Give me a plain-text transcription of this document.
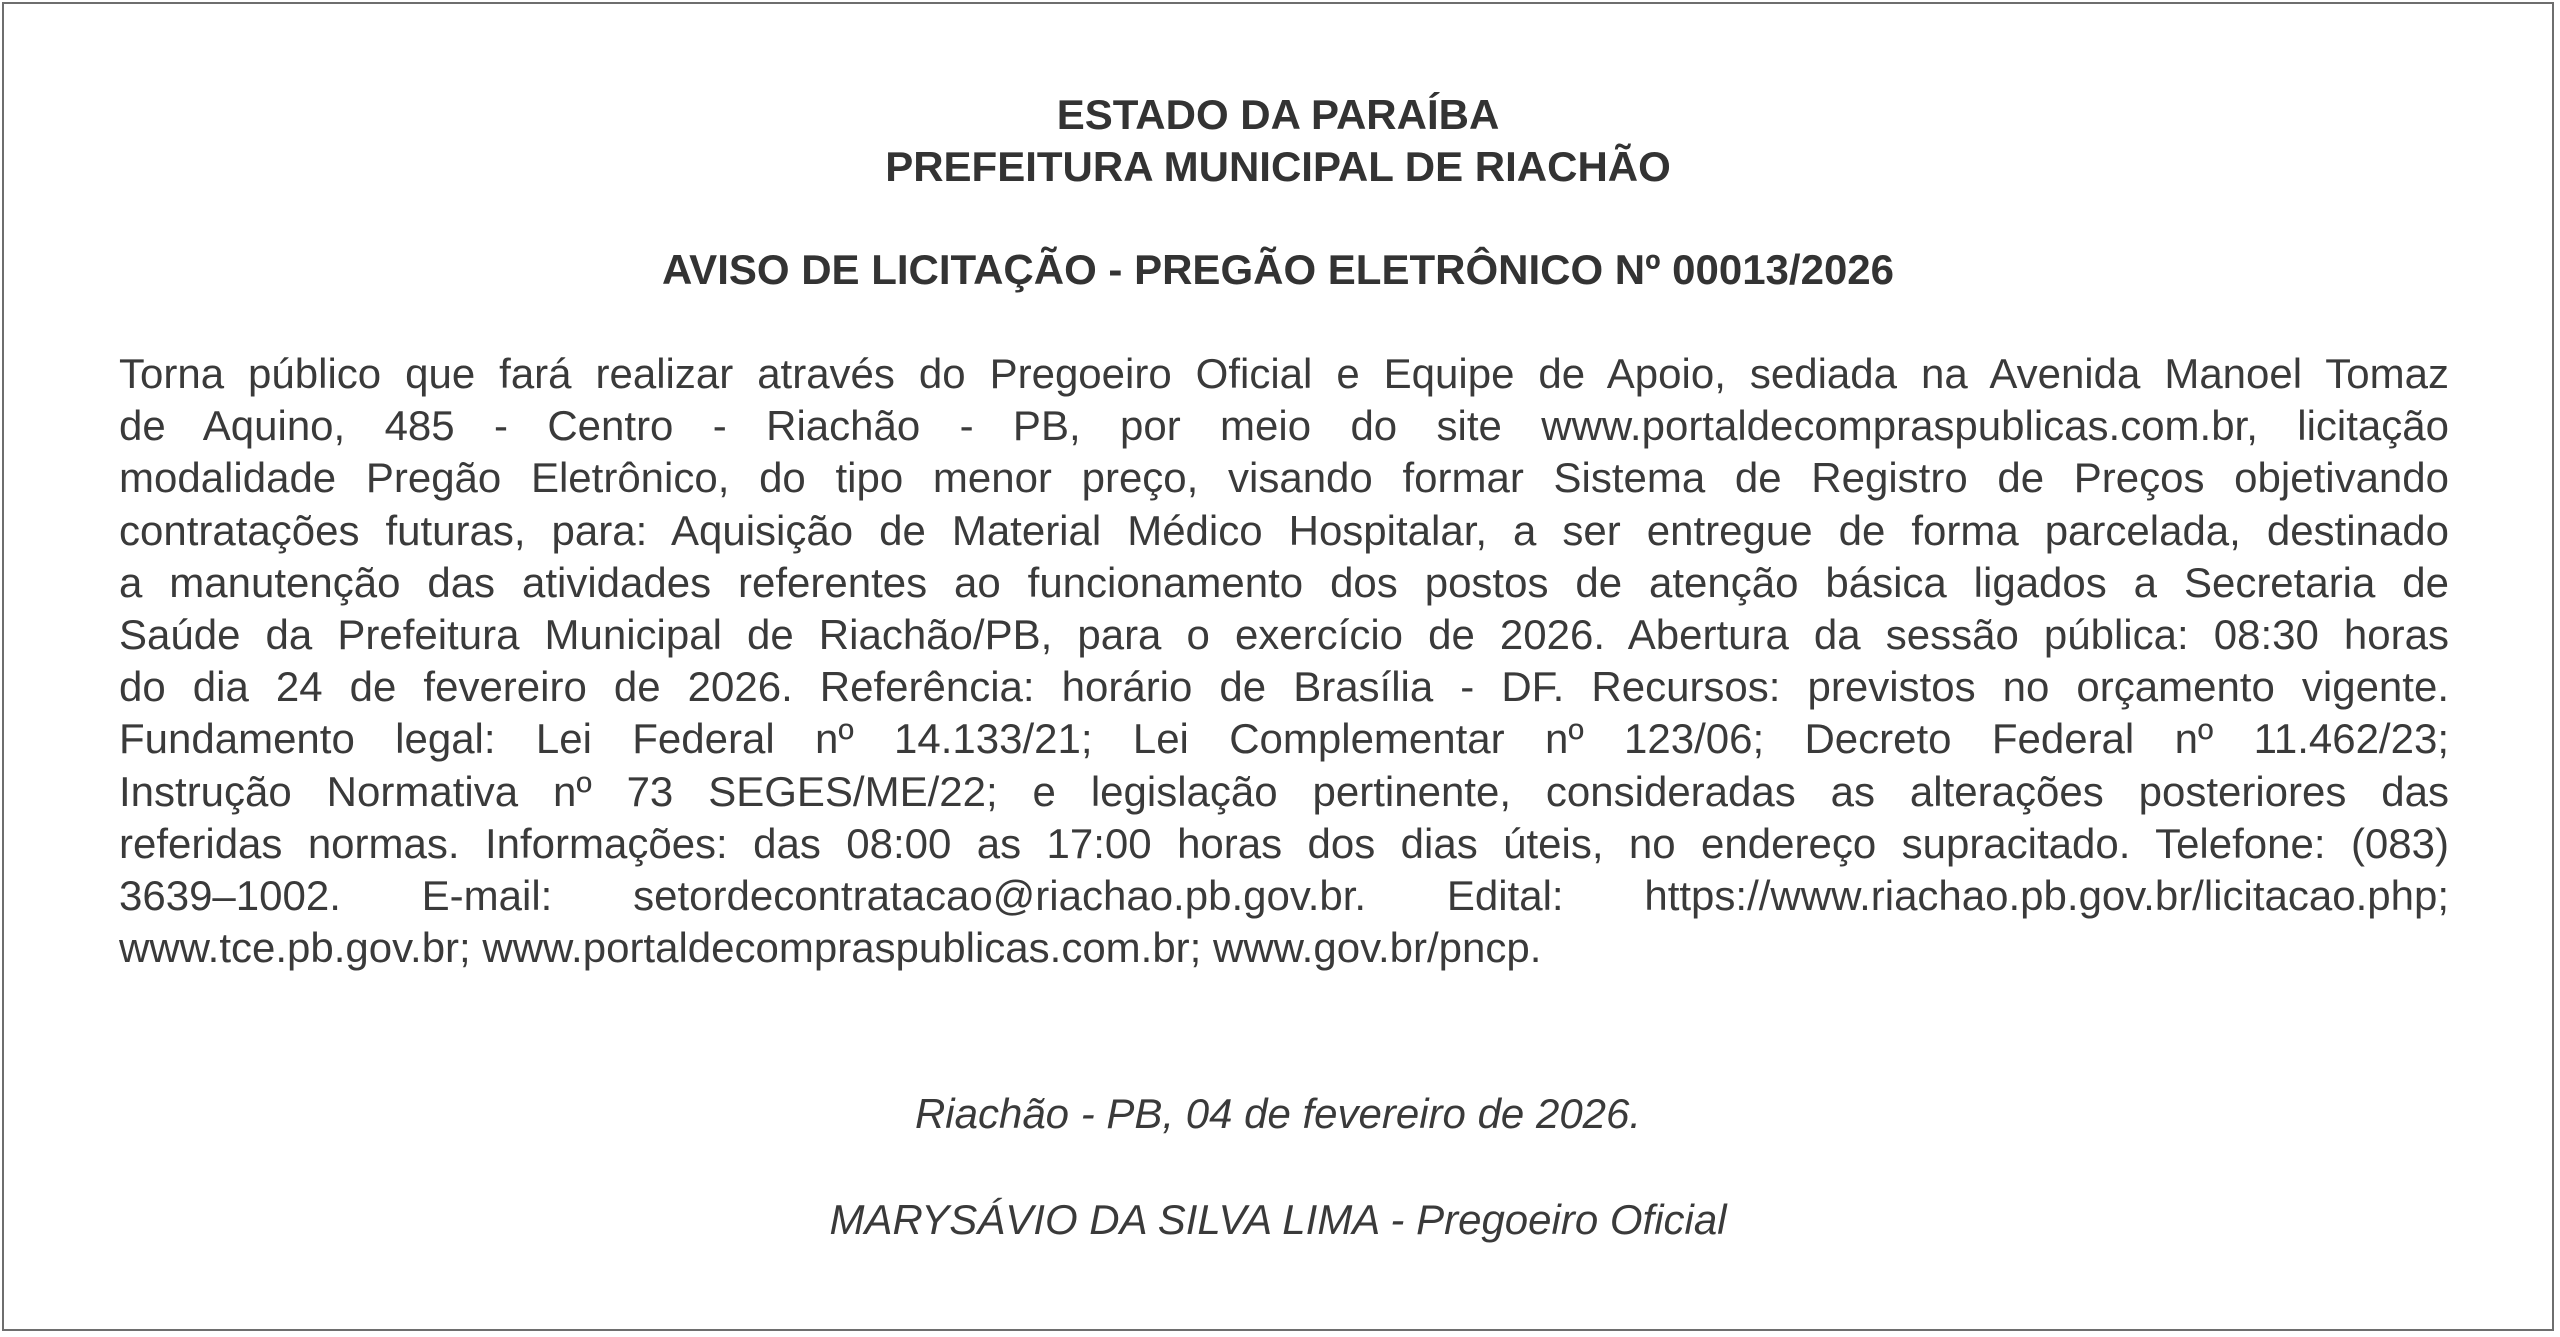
ESTADO DA PARAÍBA
PREFEITURA MUNICIPAL DE RIACHÃO
AVISO DE LICITAÇÃO - PREGÃO ELETRÔNICO Nº 00013/2026
Torna público que fará realizar através do Pregoeiro Oficial e Equipe de Apoio, sediada na Avenida Manoel Tomaz
de Aquino, 485 - Centro - Riachão - PB, por meio do site www.portaldecompraspublicas.com.br, licitação
modalidade Pregão Eletrônico, do tipo menor preço, visando formar Sistema de Registro de Preços objetivando
contratações futuras, para: Aquisição de Material Médico Hospitalar, a ser entregue de forma parcelada, destinado
a manutenção das atividades referentes ao funcionamento dos postos de atenção básica ligados a Secretaria de
Saúde da Prefeitura Municipal de Riachão/PB, para o exercício de 2026. Abertura da sessão pública: 08:30 horas
do dia 24 de fevereiro de 2026. Referência: horário de Brasília - DF. Recursos: previstos no orçamento vigente.
Fundamento legal: Lei Federal nº 14.133/21; Lei Complementar nº 123/06; Decreto Federal nº 11.462/23;
Instrução Normativa nº 73 SEGES/ME/22; e legislação pertinente, consideradas as alterações posteriores das
referidas normas. Informações: das 08:00 as 17:00 horas dos dias úteis, no endereço supracitado. Telefone: (083)
3639–1002. E-mail: setordecontratacao@riachao.pb.gov.br. Edital: https://www.riachao.pb.gov.br/licitacao.php;
www.tce.pb.gov.br; www.portaldecompraspublicas.com.br; www.gov.br/pncp.
Riachão - PB, 04 de fevereiro de 2026.
MARYSÁVIO DA SILVA LIMA - Pregoeiro Oficial
